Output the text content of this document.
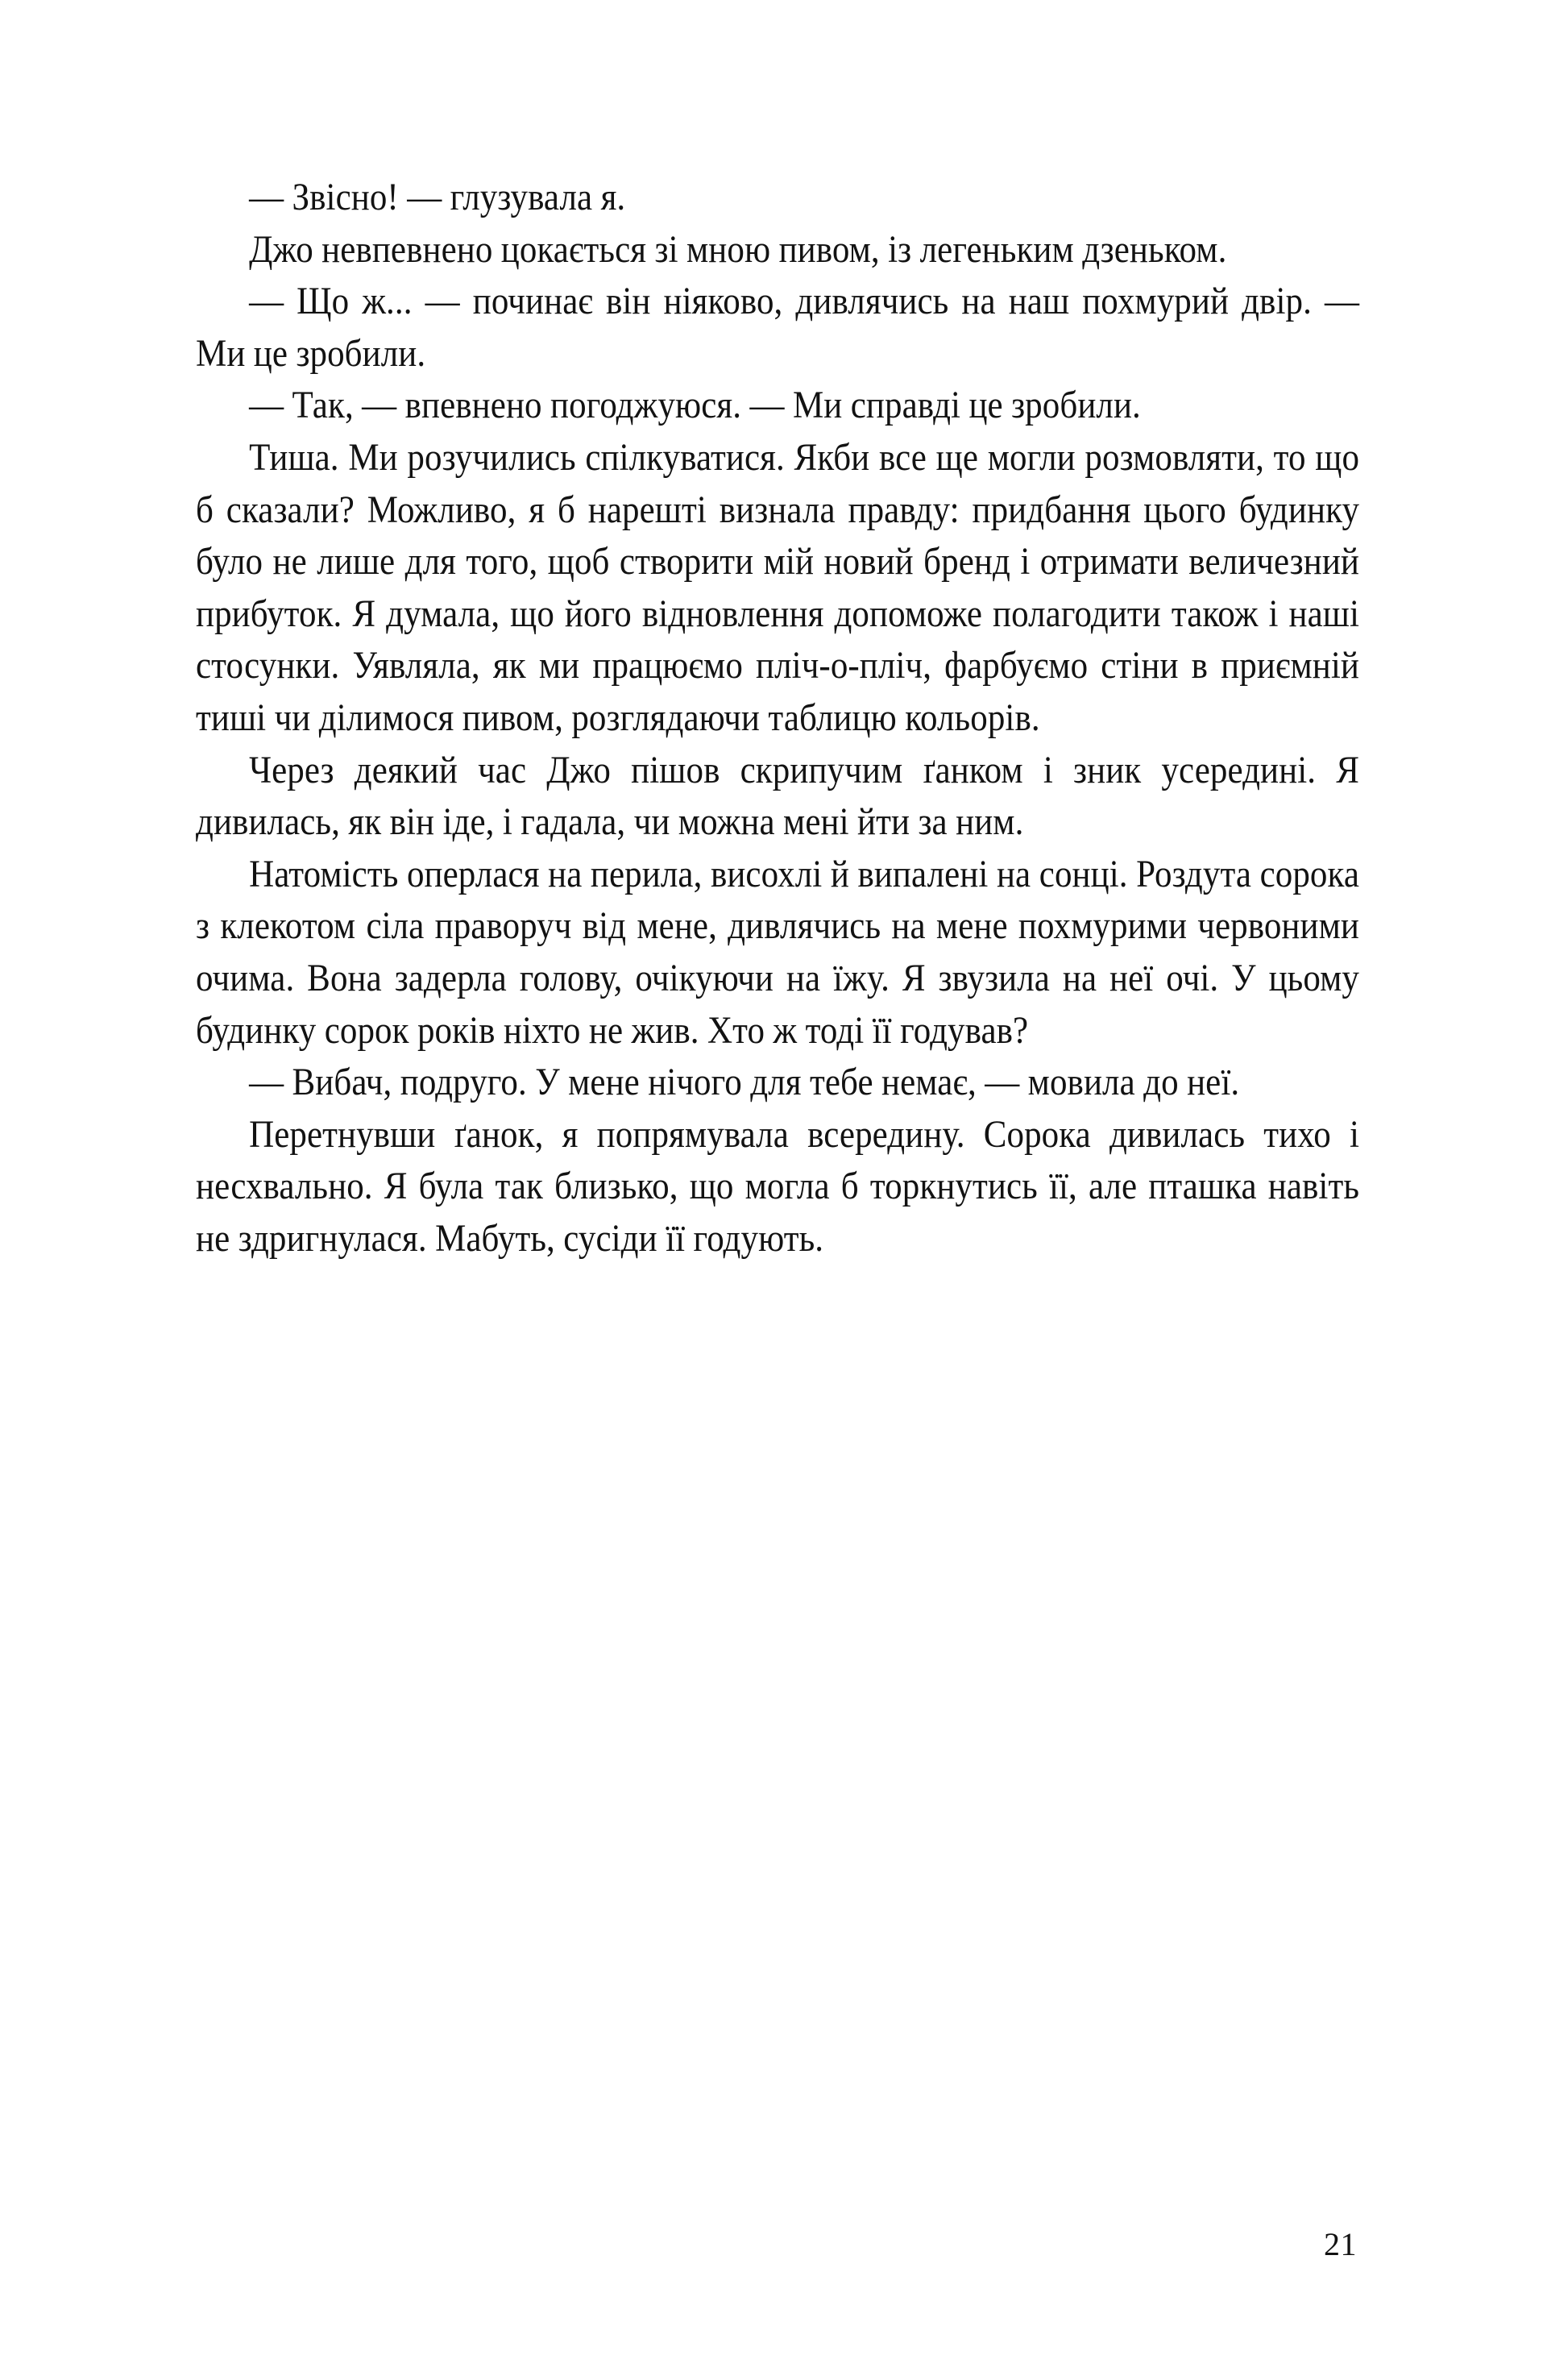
— Звісно! — глузувала я.

Джо невпевнено цокається зі мною пивом, із легеньким дзеньком.

— Що ж... — починає він ніяково, дивлячись на наш похмурий двір. — Ми це зробили.

— Так, — впевнено погоджуюся. — Ми справді це зробили.

Тиша. Ми розучились спілкуватися. Якби все ще могли розмовляти, то що б сказали? Можливо, я б нарешті визнала правду: придбання цього будинку було не лише для того, щоб створити мій новий бренд і отримати величезний прибуток. Я думала, що його відновлення допоможе полагодити також і наші стосунки. Уявляла, як ми працюємо пліч-о-пліч, фарбуємо стіни в приємній тиші чи ділимося пивом, розглядаючи таблицю кольорів.

Через деякий час Джо пішов скрипучим ґанком і зник усередині. Я дивилась, як він іде, і гадала, чи можна мені йти за ним.

Натомість оперлася на перила, висохлі й випалені на сонці. Роздута сорока з клекотом сіла праворуч від мене, дивлячись на мене похмурими червоними очима. Вона задерла голову, очікуючи на їжу. Я звузила на неї очі. У цьому будинку сорок років ніхто не жив. Хто ж тоді її годував?

— Вибач, подруго. У мене нічого для тебе немає, — мовила до неї.

Перетнувши ґанок, я попрямувала всередину. Сорока дивилась тихо і несхвально. Я була так близько, що могла б торкнутись її, але пташка навіть не здригнулася. Мабуть, сусіди її годують.

21
